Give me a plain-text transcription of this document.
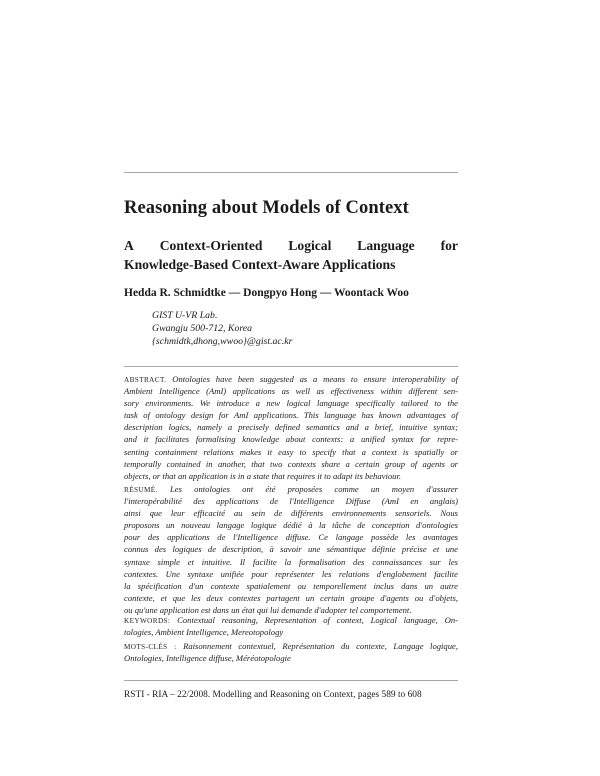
Reasoning about Models of Context
A Context-Oriented Logical Language for
Knowledge-Based Context-Aware Applications
Hedda R. Schmidtke — Dongpyo Hong — Woontack Woo
GIST U-VR Lab.
Gwangju 500-712, Korea
{schmidtk,dhong,wwoo}@gist.ac.kr
ABSTRACT. Ontologies have been suggested as a means to ensure interoperability of
Ambient Intelligence (AmI) applications as well as effectiveness within different sen-
sory environments. We introduce a new logical language specifically tailored to the
task of ontology design for AmI applications. This language has known advantages of
description logics, namely a precisely defined semantics and a brief, intuitive syntax;
and it facilitates formalising knowledge about contexts: a unified syntax for repre-
senting containment relations makes it easy to specify that a context is spatially or
temporally contained in another, that two contexts share a certain group of agents or
objects, or that an application is in a state that requires it to adapt its behaviour.
RÉSUMÉ. Les ontologies ont été proposées comme un moyen d'assurer
l'interopérabilité des applications de l'Intelligence Diffuse (AmI en anglais)
ainsi que leur efficacité au sein de différents environnements sensoriels. Nous
proposons un nouveau langage logique dédié à la tâche de conception d'ontologies
pour des applications de l'Intelligence diffuse. Ce langage possède les avantages
connus des logiques de description, à savoir une sémantique définie précise et une
syntaxe simple et intuitive. Il facilite la formalisation des connaissances sur les
contextes. Une syntaxe unifiée pour représenter les relations d'englobement facilite
la spécification d'un contexte spatialement ou temporellement inclus dans un autre
contexte, et que les deux contextes partagent un certain groupe d'agents ou d'objets,
ou qu'une application est dans un état qui lui demande d'adopter tel comportement.
KEYWORDS: Contextual reasoning, Representation of context, Logical language, On-
tologies, Ambient Intelligence, Mereotopology
MOTS-CLÉS : Raisonnement contextuel, Représentation du contexte, Langage logique,
Ontologies, Intelligence diffuse, Méréotopologie
RSTI - RIA – 22/2008. Modelling and Reasoning on Context, pages 589 to 608
